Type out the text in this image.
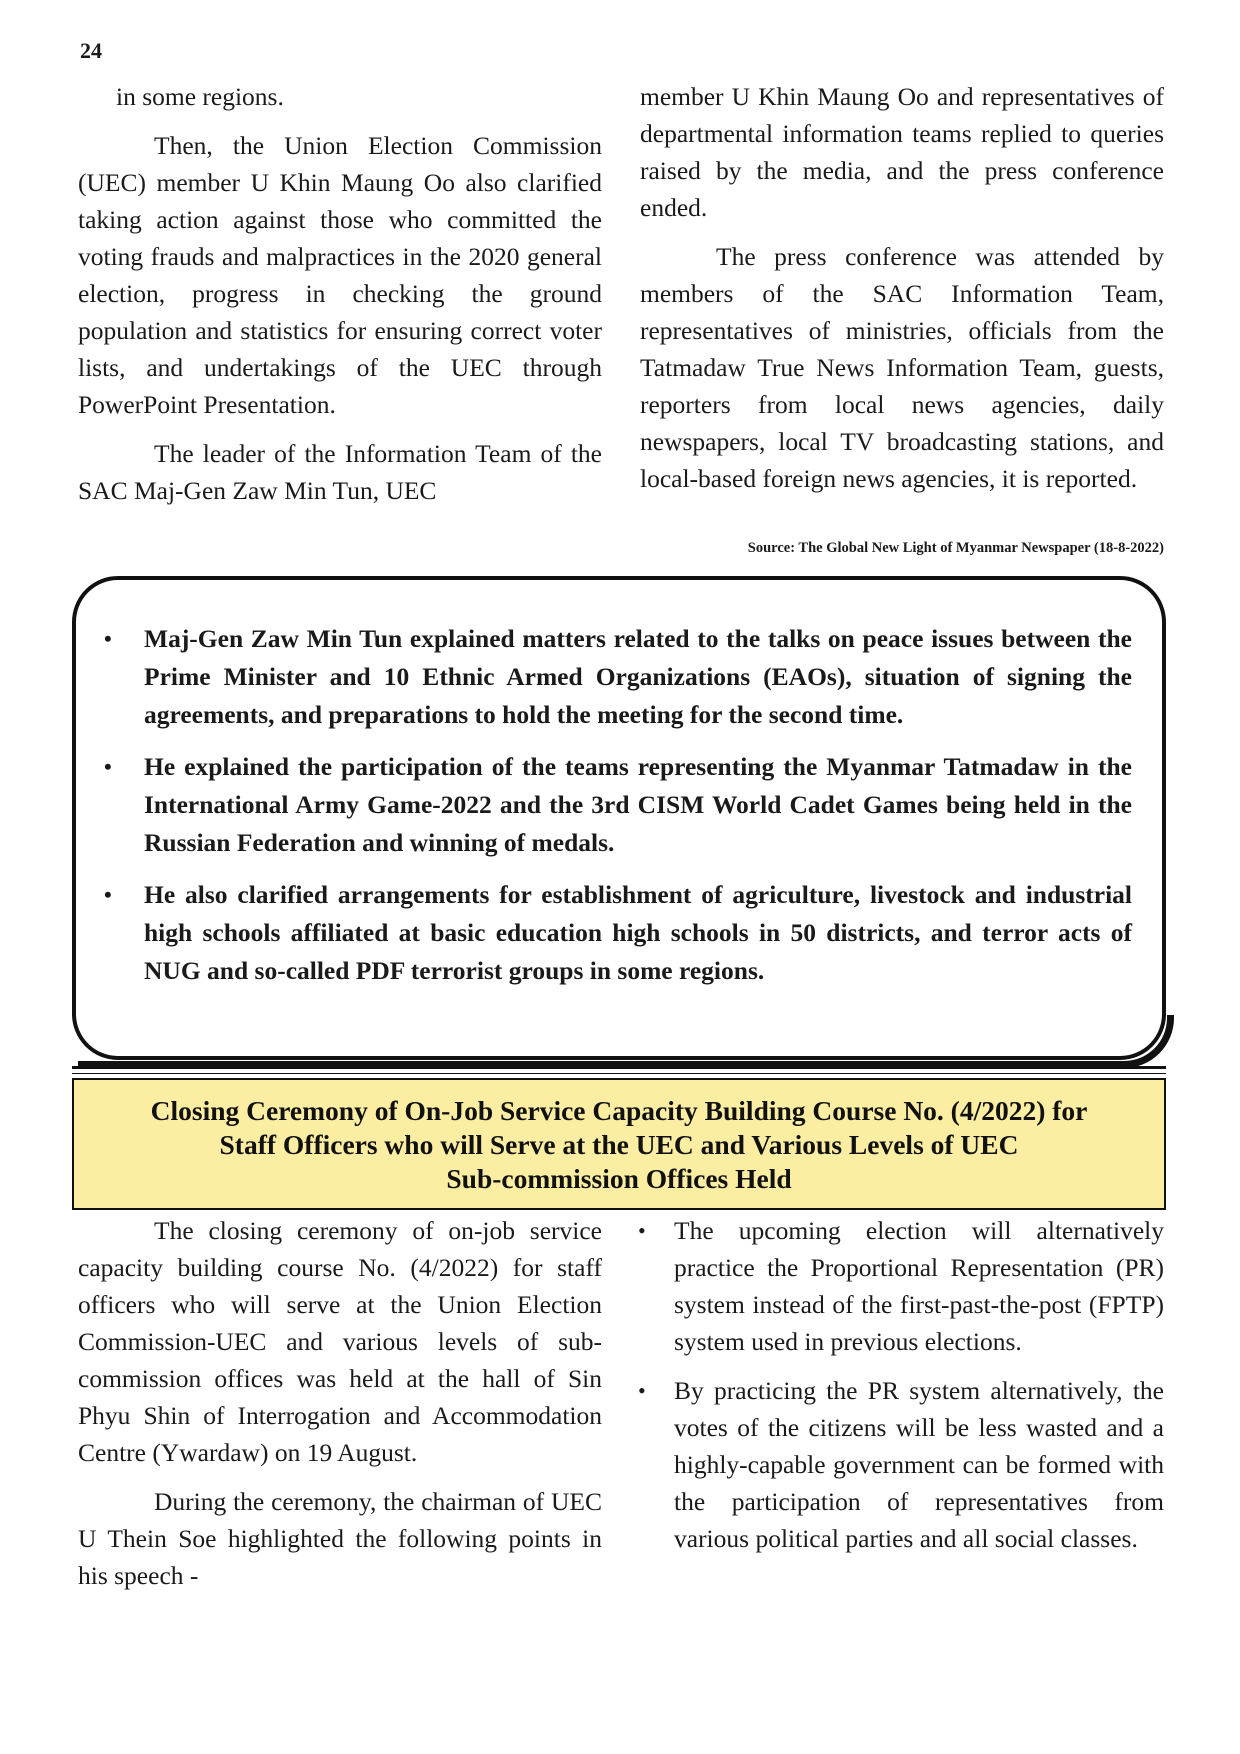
24

in some regions.

Then, the Union Election Commission (UEC) member U Khin Maung Oo also clarified taking action against those who committed the voting frauds and malpractices in the 2020 general election, progress in checking the ground population and statistics for ensuring correct voter lists, and undertakings of the UEC through PowerPoint Presentation.

The leader of the Information Team of the SAC Maj-Gen Zaw Min Tun, UEC

member U Khin Maung Oo and representatives of departmental information teams replied to queries raised by the media, and the press conference ended.

The press conference was attended by members of the SAC Information Team, representatives of ministries, officials from the Tatmadaw True News Information Team, guests, reporters from local news agencies, daily newspapers, local TV broadcasting stations, and local-based foreign news agencies, it is reported.

Source: The Global New Light of Myanmar Newspaper (18-8-2022)
• Maj-Gen Zaw Min Tun explained matters related to the talks on peace issues between the Prime Minister and 10 Ethnic Armed Organizations (EAOs), situation of signing the agreements, and preparations to hold the meeting for the second time.
• He explained the participation of the teams representing the Myanmar Tatmadaw in the International Army Game-2022 and the 3rd CISM World Cadet Games being held in the Russian Federation and winning of medals.
• He also clarified arrangements for establishment of agriculture, livestock and industrial high schools affiliated at basic education high schools in 50 districts, and terror acts of NUG and so-called PDF terrorist groups in some regions.
Closing Ceremony of On-Job Service Capacity Building Course No. (4/2022) for
Staff Officers who will Serve at the UEC and Various Levels of UEC
Sub-commission Offices Held

The closing ceremony of on-job service capacity building course No. (4/2022) for staff officers who will serve at the Union Election Commission-UEC and various levels of sub-commission offices was held at the hall of Sin Phyu Shin of Interrogation and Accommodation Centre (Ywardaw) on 19 August.

During the ceremony, the chairman of UEC U Thein Soe highlighted the following points in his speech -

• The upcoming election will alternatively practice the Proportional Representation (PR) system instead of the first-past-the-post (FPTP) system used in previous elections.
• By practicing the PR system alternatively, the votes of the citizens will be less wasted and a highly-capable government can be formed with the participation of representatives from various political parties and all social classes.
